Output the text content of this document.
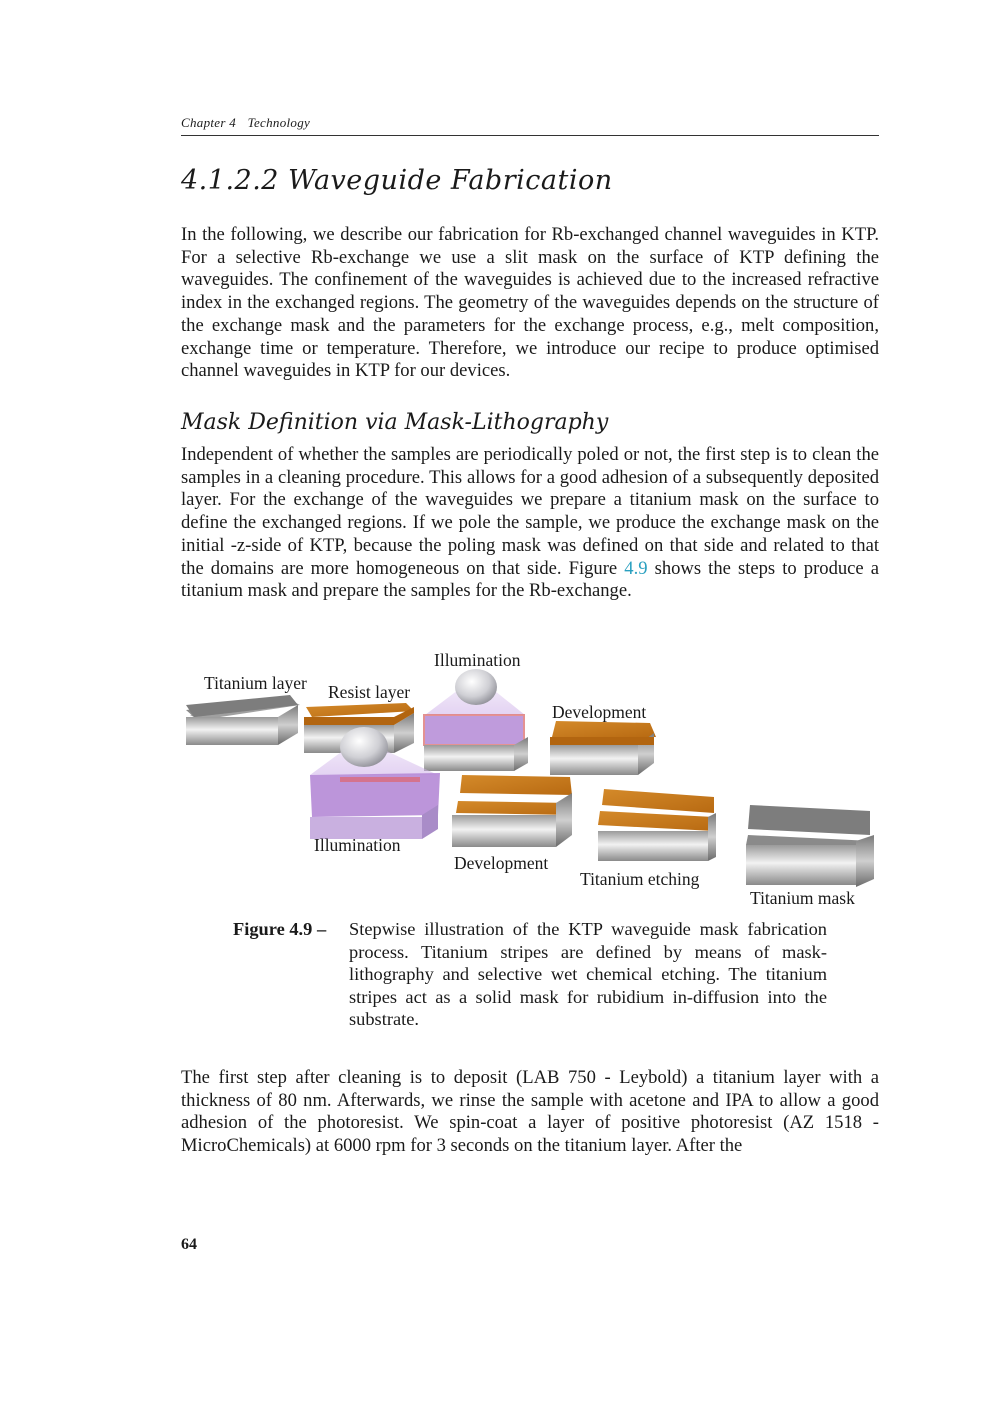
Chapter 4 Technology
4.1.2.2 Waveguide Fabrication

In the following, we describe our fabrication for Rb-exchanged channel waveguides in KTP. For a selective Rb-exchange we use a slit mask on the surface of KTP defining the waveguides. The confinement of the waveguides is achieved due to the increased refractive index in the exchanged regions. The geometry of the waveguides depends on the structure of the exchange mask and the parameters for the exchange process, e.g., melt composition, exchange time or temperature. Therefore, we introduce our recipe to produce optimised channel waveguides in KTP for our devices.

Mask Definition via Mask-Lithography

Independent of whether the samples are periodically poled or not, the first step is to clean the samples in a cleaning procedure. This allows for a good adhesion of a subsequently deposited layer. For the exchange of the waveguides we prepare a titanium mask on the surface to define the exchanged regions. If we pole the sample, we produce the exchange mask on the initial -z-side of KTP, because the poling mask was defined on that side and related to that the domains are more homogeneous on that side. Figure 4.9 shows the steps to produce a titanium mask and prepare the samples for the Rb-exchange.

Titanium layer Resist layer
Illumination
Development
Illumination
Development
Titanium etching
Titanium mask
Figure 4.9 – Stepwise illustration of the KTP waveguide mask fabrication process. Titanium stripes are defined by means of mask-lithography and selective wet chemical etching. The titanium stripes act as a solid mask for rubidium in-diffusion into the substrate.

The first step after cleaning is to deposit (LAB 750 - Leybold) a titanium layer with a thickness of 80 nm. Afterwards, we rinse the sample with acetone and IPA to allow a good adhesion of the photoresist. We spin-coat a layer of positive photoresist (AZ 1518 - MicroChemicals) at 6000 rpm for 3 seconds on the titanium layer. After the

64
